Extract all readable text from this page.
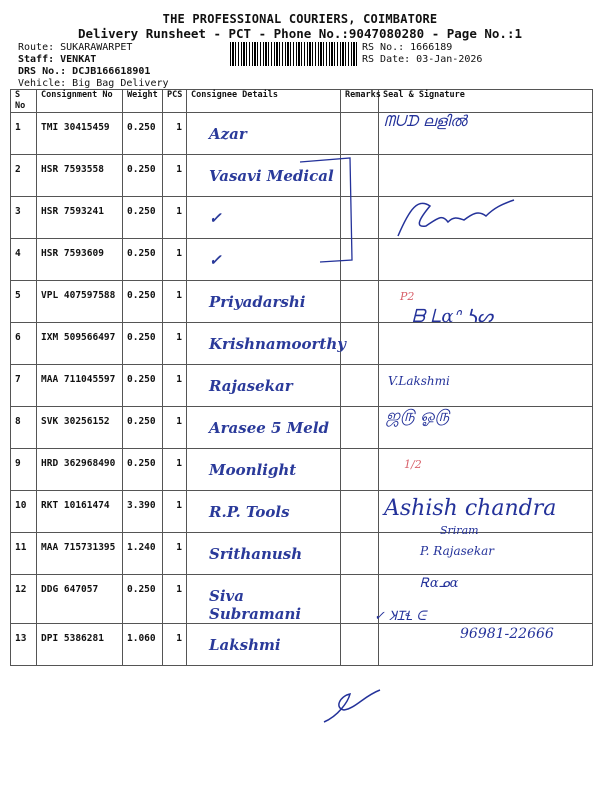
THE PROFESSIONAL COURIERS, COIMBATORE
Delivery Runsheet - PCT - Phone No.:9047080280 - Page No.:1
Route: SUKARAWARPET
Staff: VENKAT
DRS No.: DCJB166618901
Vehicle: Big Bag Delivery
RS No.: 1666189
RS Date: 03-Jan-2026
S No	Consignment No	Weight	PCS	Consignee Details	Remarks	Seal & Signature
1	TMI 30415459	0.250	1	Azar		
2	HSR 7593558	0.250	1	Vasavi Medical		
3	HSR 7593241	0.250	1	✓		
4	HSR 7593609	0.250	1	✓		
5	VPL 407597588	0.250	1	Priyadarshi		
6	IXM 509566497	0.250	1	Krishnamoorthy		
7	MAA 711045597	0.250	1	Rajasekar		
8	SVK 30256152	0.250	1	Arasee 5 Meld		
9	HRD 362968490	0.250	1	Moonlight		
10	RKT 10161474	3.390	1	R.P. Tools		
11	MAA 715731395	1.240	1	Srithanush		
12	DDG 647057	0.250	1	Siva Subramani		
13	DPI 5386281	1.060	1	Lakshmi		
ᗰᑌᗪ ലളിൽ
P2
ᗷ ᒪɑᐢ ᓴᔕ
V.Lakshmi
ஜ௫ ஓ௫
1/2
Ashish chandra
Sriram
P. Rajasekar
Ꭱɑᓄɑ
✓ ꞰꞮꞭ ᕮ
96981-22666
